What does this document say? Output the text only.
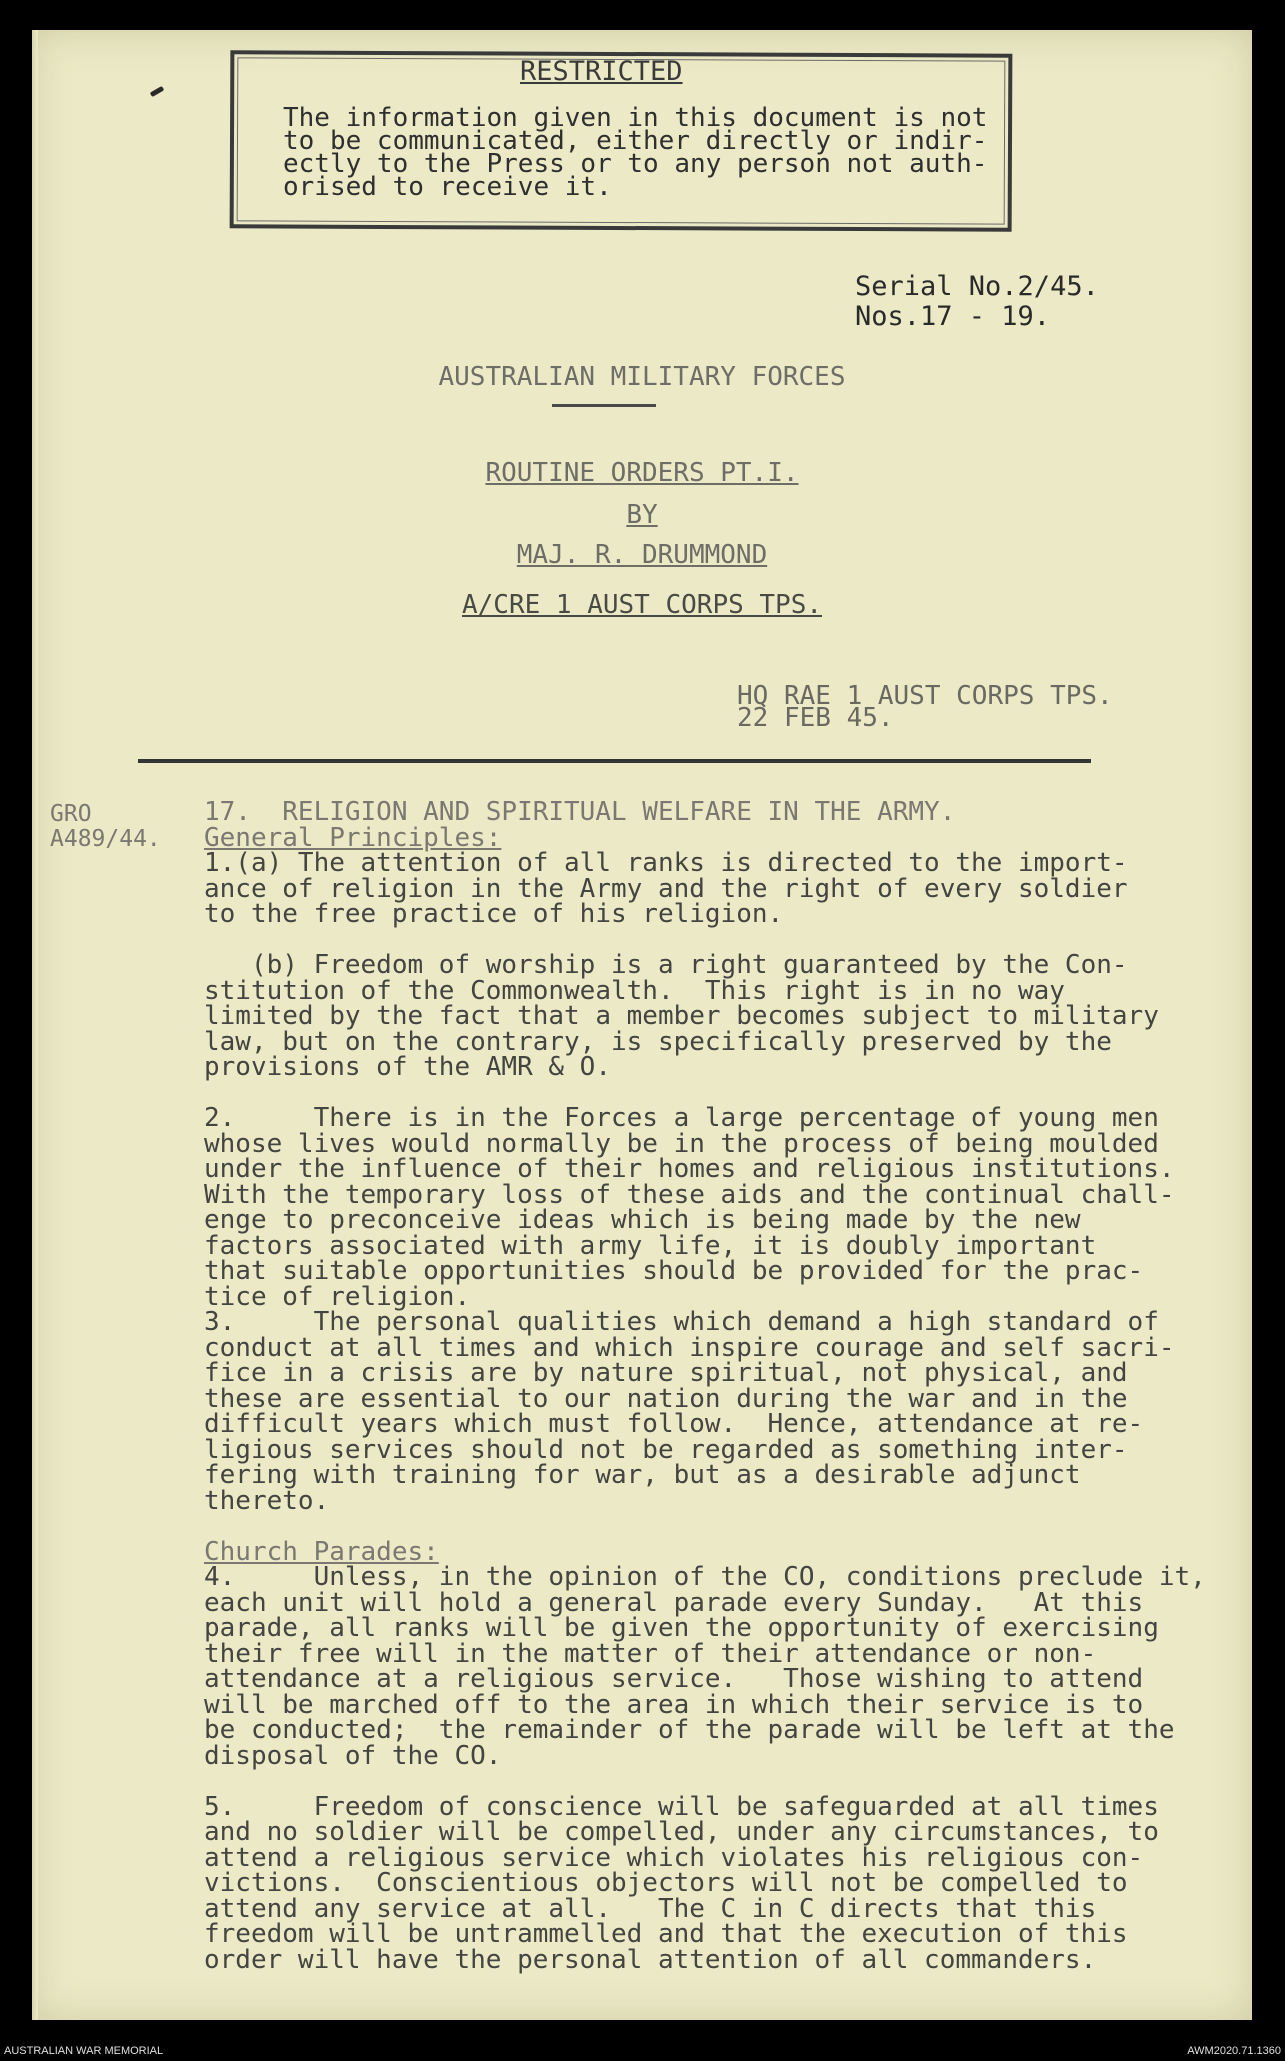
RESTRICTED
The information given in this document is not
to be communicated, either directly or indir-
ectly to the Press or to any person not auth-
orised to receive it.
Serial No.2/45.
Nos.17 - 19.
AUSTRALIAN MILITARY FORCES
ROUTINE ORDERS PT.I.
BY
MAJ. R. DRUMMOND
A/CRE 1 AUST CORPS TPS.
HQ RAE 1 AUST CORPS TPS.
22 FEB 45.
GRO
A489/44.
17.  RELIGION AND SPIRITUAL WELFARE IN THE ARMY.
General Principles:
1.(a) The attention of all ranks is directed to the import-
ance of religion in the Army and the right of every soldier
to the free practice of his religion.

(b) Freedom of worship is a right guaranteed by the Con-
stitution of the Commonwealth.  This right is in no way
limited by the fact that a member becomes subject to military
law, but on the contrary, is specifically preserved by the
provisions of the AMR & O.

2.     There is in the Forces a large percentage of young men
whose lives would normally be in the process of being moulded
under the influence of their homes and religious institutions.
With the temporary loss of these aids and the continual chall-
enge to preconceive ideas which is being made by the new
factors associated with army life, it is doubly important
that suitable opportunities should be provided for the prac-
tice of religion.
3.     The personal qualities which demand a high standard of
conduct at all times and which inspire courage and self sacri-
fice in a crisis are by nature spiritual, not physical, and
these are essential to our nation during the war and in the
difficult years which must follow.  Hence, attendance at re-
ligious services should not be regarded as something inter-
fering with training for war, but as a desirable adjunct
thereto.

Church Parades:
4.     Unless, in the opinion of the CO, conditions preclude it,
each unit will hold a general parade every Sunday.   At this
parade, all ranks will be given the opportunity of exercising
their free will in the matter of their attendance or non-
attendance at a religious service.   Those wishing to attend
will be marched off to the area in which their service is to
be conducted;  the remainder of the parade will be left at the
disposal of the CO.

5.     Freedom of conscience will be safeguarded at all times
and no soldier will be compelled, under any circumstances, to
attend a religious service which violates his religious con-
victions.  Conscientious objectors will not be compelled to
attend any service at all.   The C in C directs that this
freedom will be untrammelled and that the execution of this
order will have the personal attention of all commanders.
AUSTRALIAN WAR MEMORIAL	AWM2020.71.1360
